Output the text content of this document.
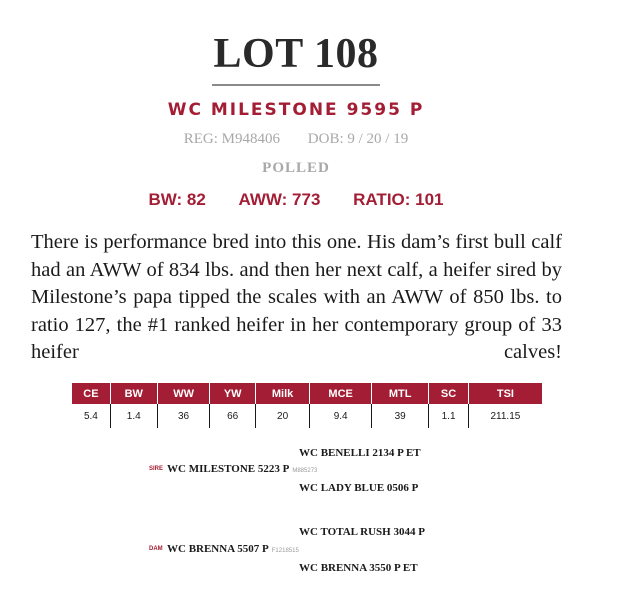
LOT 108
WC MILESTONE 9595 P
REG: M948406 DOB: 9 / 20 / 19
POLLED
BW: 82 AWW: 773 RATIO: 101
There is performance bred into this one. His dam’s first bull calf had an AWW of 834 lbs. and then her next calf, a heifer sired by Milestone’s papa tipped the scales with an AWW of 850 lbs. to ratio 127, the #1 ranked heifer in her contemporary group of 33 heifer calves!
CE	BW	WW	YW	Milk	MCE	MTL	SC	TSI
5.4	1.4	36	66	20	9.4	39	1.1	211.15
WC BENELLI 2134 P ET
SIRE WC MILESTONE 5223 P M885273
WC LADY BLUE 0506 P
WC TOTAL RUSH 3044 P
DAM WC BRENNA 5507 P F1218515
WC BRENNA 3550 P ET
